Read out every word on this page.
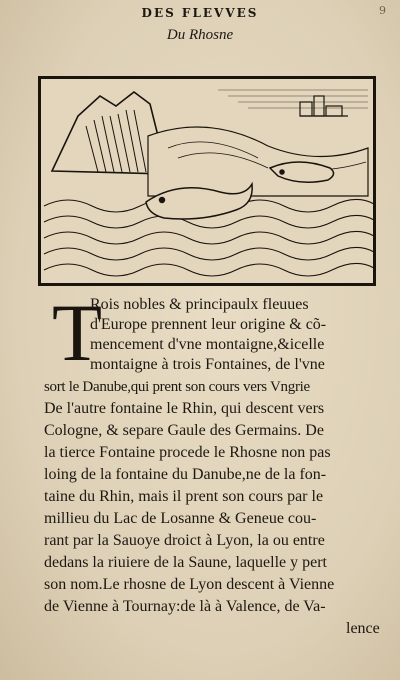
DES FLEVVES	9
Du Rhosne
T
Rois nobles & principaulx fleuues
d'Europe prennent leur origine & cõ-
mencement d'vne montaigne,&icelle
montaigne à trois Fontaines, de l'vne
sort le Danube,qui prent son cours vers Vngrie
De l'autre fontaine le Rhin, qui descent vers
Cologne, & separe Gaule des Germains. De
la tierce Fontaine procede le Rhosne non pas
loing de la fontaine du Danube,ne de la fon-
taine du Rhin, mais il prent son cours par le
millieu du Lac de Losanne & Geneue cou-
rant par la Sauoye droict à Lyon, la ou entre
dedans la riuiere de la Saune, laquelle y pert
son nom.Le rhosne de Lyon descent à Vienne
de Vienne à Tournay:de là à Valence, de Va-
lence
